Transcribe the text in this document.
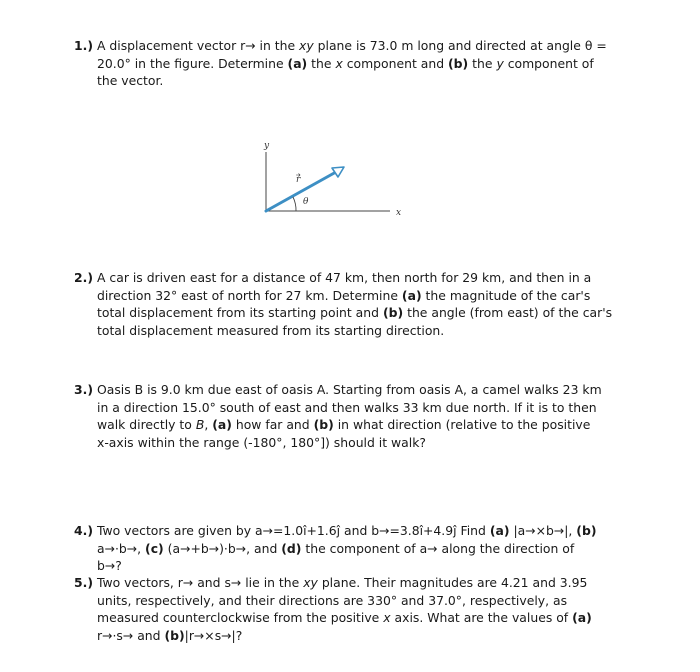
1.) A displacement vector r→ in the xy plane is 73.0 m long and directed at angle θ =
20.0° in the figure. Determine (a) the x component and (b) the y component of
the vector.
y
x
θ
r
2.) A car is driven east for a distance of 47 km, then north for 29 km, and then in a
direction 32° east of north for 27 km. Determine (a) the magnitude of the car's
total displacement from its starting point and (b) the angle (from east) of the car's
total displacement measured from its starting direction.
3.) Oasis B is 9.0 km due east of oasis A. Starting from oasis A, a camel walks 23 km
in a direction 15.0° south of east and then walks 33 km due north. If it is to then
walk directly to B, (a) how far and (b) in what direction (relative to the positive
x-axis within the range (-180°, 180°]) should it walk?
4.) Two vectors are given by a→=1.0î+1.6ĵ and b→=3.8î+4.9ĵ Find (a) |a→×b→|, (b)
a→·b→, (c) (a→+b→)·b→, and (d) the component of a→ along the direction of
b→?
5.) Two vectors, r→ and s→ lie in the xy plane. Their magnitudes are 4.21 and 3.95
units, respectively, and their directions are 330° and 37.0°, respectively, as
measured counterclockwise from the positive x axis. What are the values of (a)
r→·s→ and (b)|r→×s→|?
